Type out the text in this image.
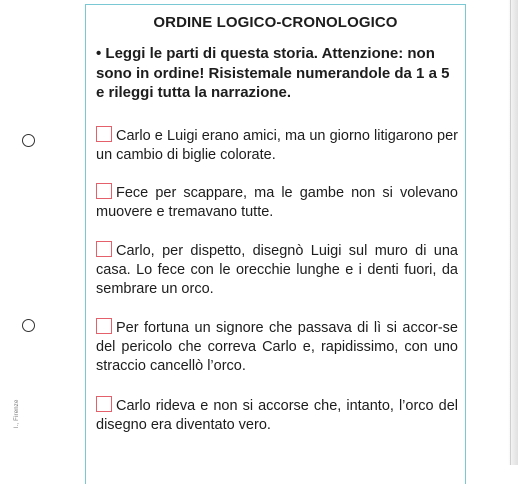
l., Firenze
ORDINE LOGICO-CRONOLOGICO
• Leggi le parti di questa storia. Attenzione: non sono in ordine! Risistemale numerandole da 1 a 5 e rileggi tutta la narrazione.
Carlo e Luigi erano amici, ma un giorno litigarono per un cambio di biglie colorate.
Fece per scappare, ma le gambe non si volevano muovere e tremavano tutte.
Carlo, per dispetto, disegnò Luigi sul muro di una casa. Lo fece con le orecchie lunghe e i denti fuori, da sembrare un orco.
Per fortuna un signore che passava di lì si accor-se del pericolo che correva Carlo e, rapidissimo, con uno straccio cancellò l’orco.
Carlo rideva e non si accorse che, intanto, l’orco del disegno era diventato vero.
